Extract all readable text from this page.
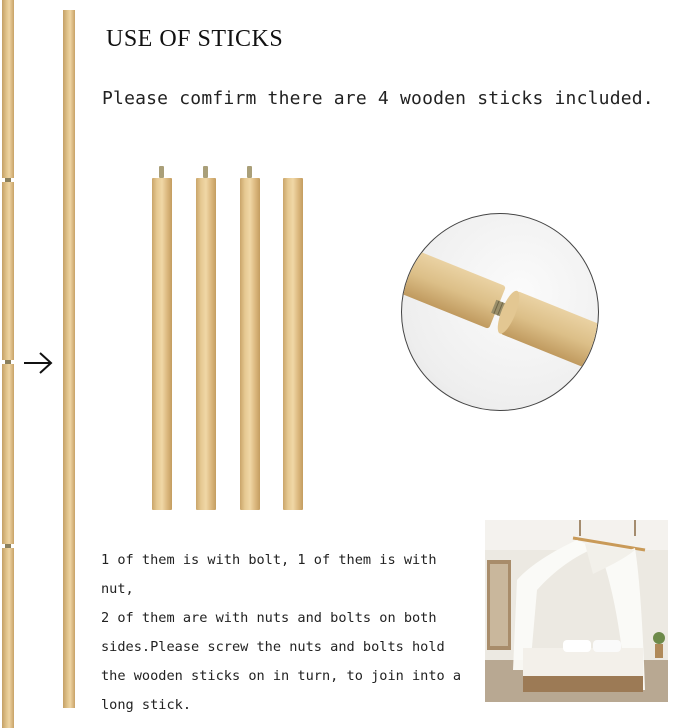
USE OF STICKS
Please comfirm there are 4 wooden sticks included.

1 of them is with bolt, 1 of them is with nut,

2 of them are with nuts and bolts on both sides.Please screw the nuts and bolts hold the wooden sticks on in turn, to join into a long stick.
